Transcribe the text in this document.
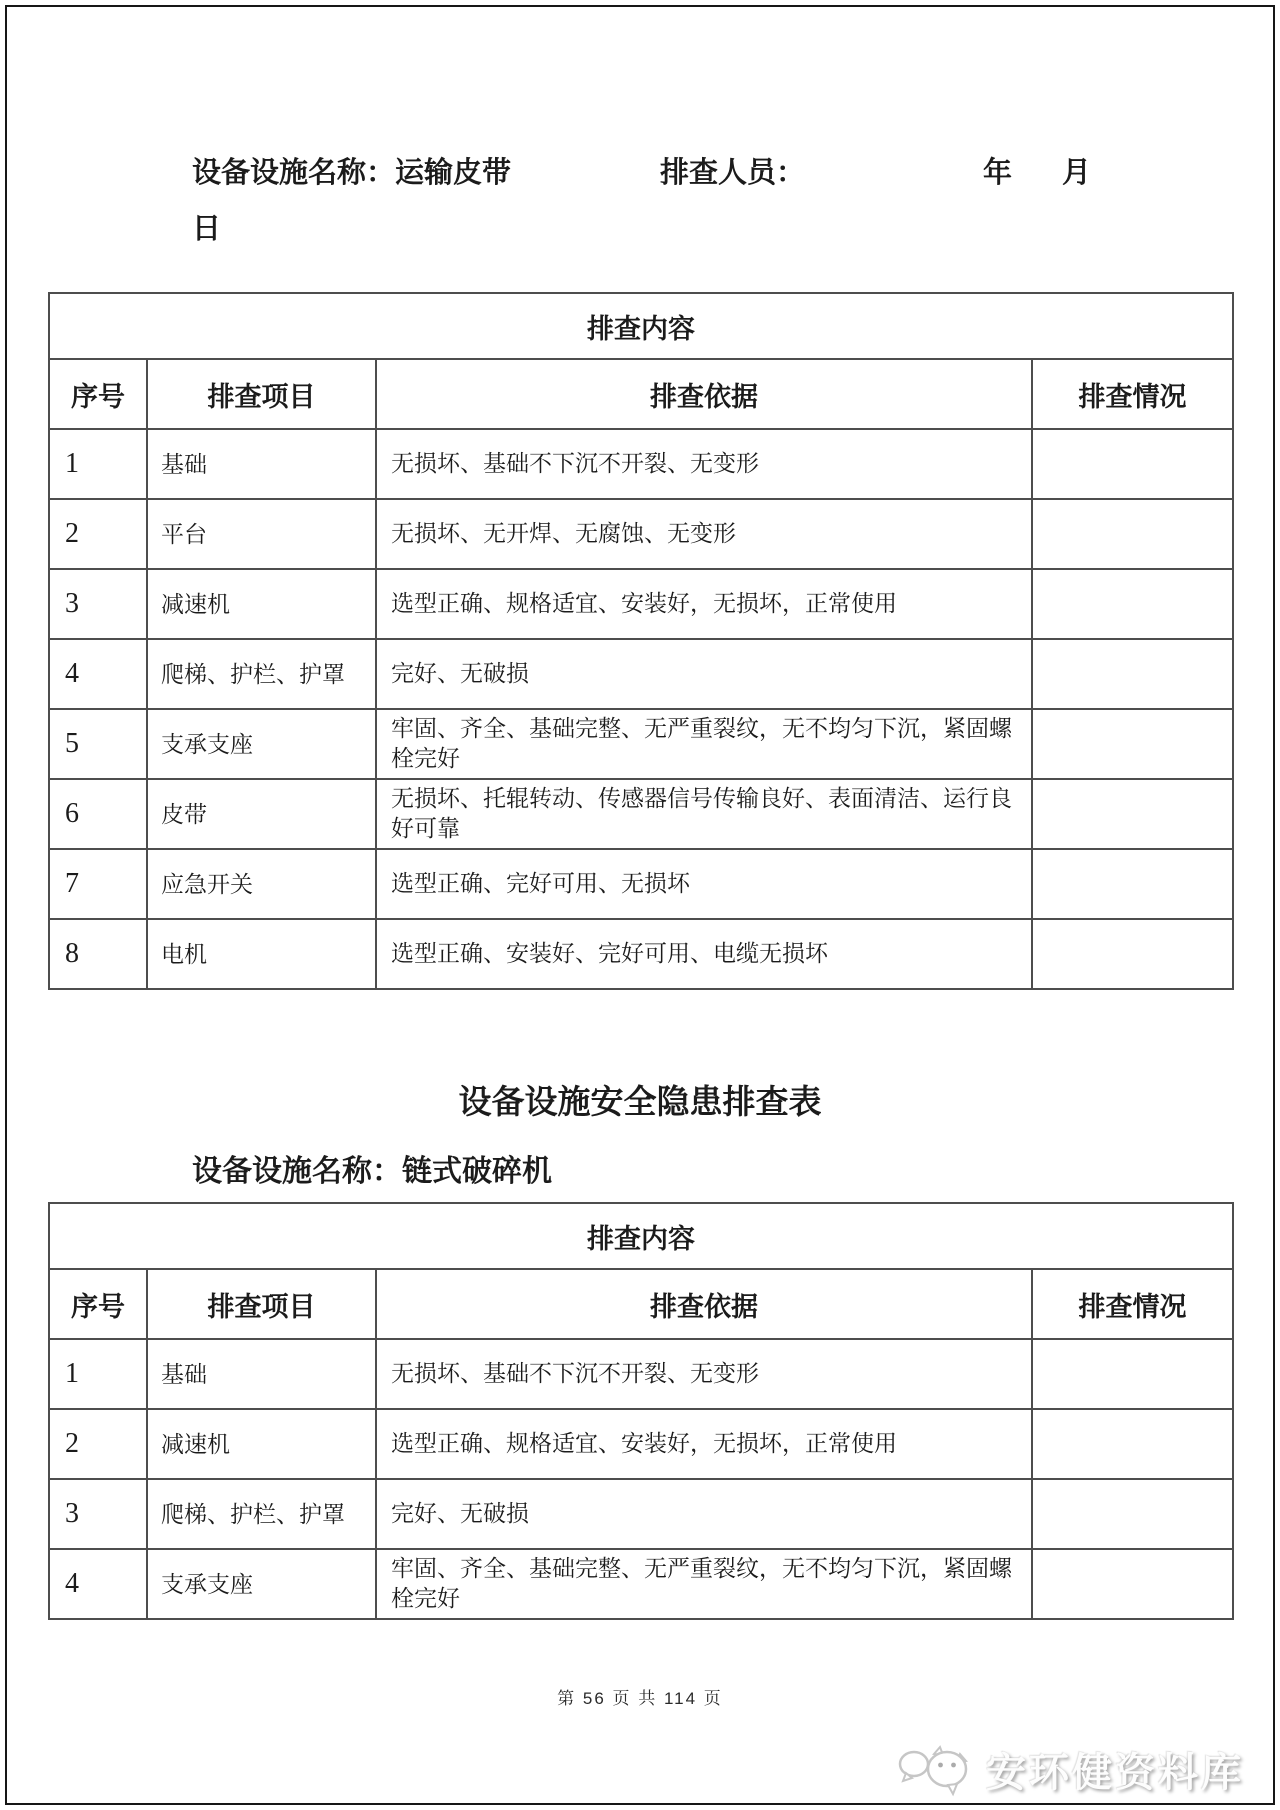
设备设施名称：运输皮带	排查人员：	年 月
日
排查内容			
序号	排查项目	排查依据	排查情况
1	基础	无损坏、基础不下沉不开裂、无变形	
2	平台	无损坏、无开焊、无腐蚀、无变形	
3	减速机	选型正确、规格适宜、安装好，无损坏，正常使用	
4	爬梯、护栏、护罩	完好、无破损	
5	支承支座	牢固、齐全、基础完整、无严重裂纹，无不均匀下沉，紧固螺栓完好	
6	皮带	无损坏、托辊转动、传感器信号传输良好、表面清洁、运行良好可靠	
7	应急开关	选型正确、完好可用、无损坏	
8	电机	选型正确、安装好、完好可用、电缆无损坏	
设备设施安全隐患排查表
设备设施名称：链式破碎机
排查内容			
序号	排查项目	排查依据	排查情况
1	基础	无损坏、基础不下沉不开裂、无变形	
2	减速机	选型正确、规格适宜、安装好，无损坏，正常使用	
3	爬梯、护栏、护罩	完好、无破损	
4	支承支座	牢固、齐全、基础完整、无严重裂纹，无不均匀下沉，紧固螺栓完好	
第 56 页 共 114 页
安环健资料库
